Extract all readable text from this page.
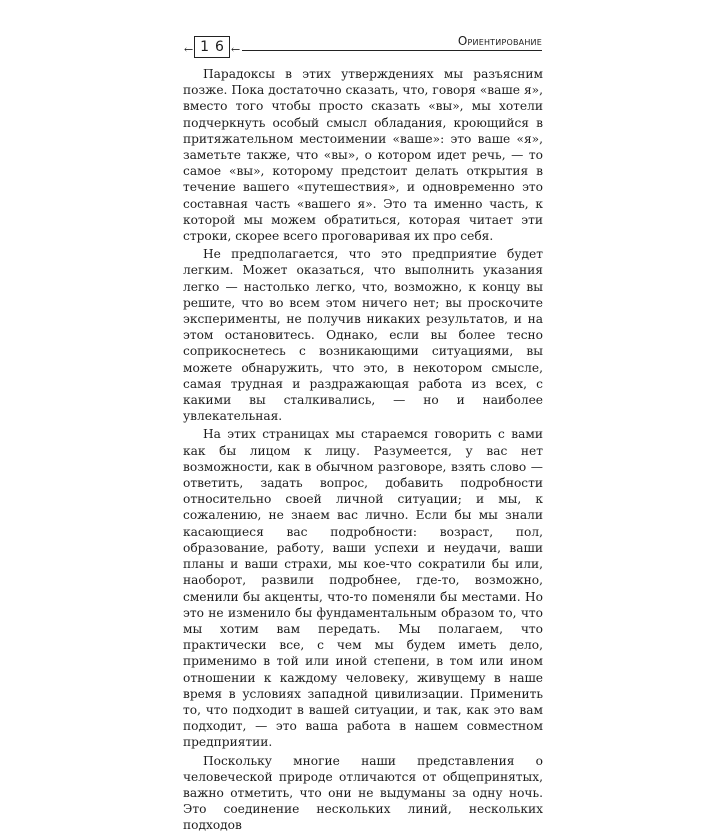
← 16 ←
Ориентирование

Парадоксы в этих утверждениях мы разъясним позже. Пока достаточно сказать, что, говоря «ваше я», вместо того чтобы просто сказать «вы», мы хотели подчеркнуть особый смысл обладания, кроющийся в притяжательном местоимении «ваше»: это ваше «я», заметьте также, что «вы», о котором идет речь, — то самое «вы», которому предстоит делать открытия в течение вашего «путешествия», и одновременно это составная часть «вашего я». Это та именно часть, к которой мы можем обратиться, которая читает эти строки, скорее всего проговаривая их про себя.

Не предполагается, что это предприятие будет легким. Может оказаться, что выполнить указания легко — настолько легко, что, возможно, к концу вы решите, что во всем этом ничего нет; вы проскочите эксперименты, не получив никаких результатов, и на этом остановитесь. Однако, если вы более тесно соприкоснетесь с возникающими ситуациями, вы можете обнаружить, что это, в некотором смысле, самая трудная и раздражающая работа из всех, с какими вы сталкивались, — но и наиболее увлекательная.

На этих страницах мы стараемся говорить с вами как бы лицом к лицу. Разумеется, у вас нет возможности, как в обычном разговоре, взять слово — ответить, задать вопрос, добавить подробности относительно своей личной ситуации; и мы, к сожалению, не знаем вас лично. Если бы мы знали касающиеся вас подробности: возраст, пол, образование, работу, ваши успехи и неудачи, ваши планы и ваши страхи, мы кое-что сократили бы или, наоборот, развили подробнее, где-то, возможно, сменили бы акценты, что-то поменяли бы местами. Но это не изменило бы фундаментальным образом то, что мы хотим вам передать. Мы полагаем, что практически все, с чем мы будем иметь дело, применимо в той или иной степени, в том или ином отношении к каждому человеку, живущему в наше время в условиях западной цивилизации. Применить то, что подходит в вашей ситуации, и так, как это вам подходит, — это ваша работа в нашем совместном предприятии.

Поскольку многие наши представления о человеческой природе отличаются от общепринятых, важно отметить, что они не выдуманы за одну ночь. Это соединение нескольких линий, нескольких подходов
